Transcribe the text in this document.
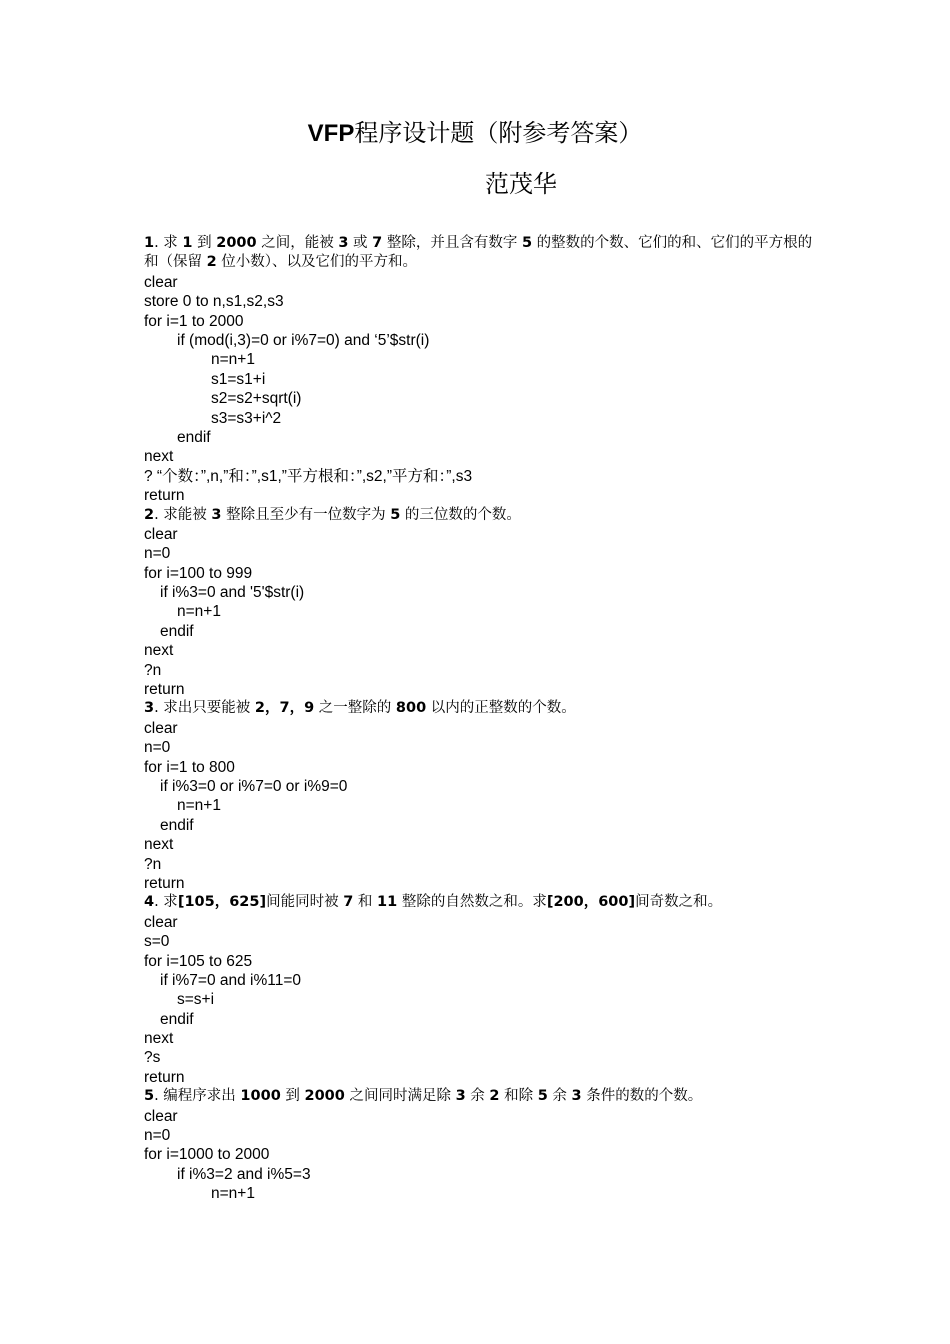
VFP程序设计题（附参考答案）
范茂华
1. 求 1 到 2000 之间，能被 3 或 7 整除，并且含有数字 5 的整数的个数、它们的和、它们的平方根的和（保留 2 位小数）、以及它们的平方和。
clear
store 0 to n,s1,s2,s3
for i=1 to 2000
if (mod(i,3)=0 or i%7=0) and ‘5’$str(i)
n=n+1
s1=s1+i
s2=s2+sqrt(i)
s3=s3+i^2
endif
next
? “个数：”,n,”和：”,s1,”平方根和：”,s2,”平方和：”,s3
return
2. 求能被 3 整除且至少有一位数字为 5 的三位数的个数。
clear
n=0
for i=100 to 999
if i%3=0 and '5'$str(i)
n=n+1
endif
next
?n
return
3. 求出只要能被 2，7，9 之一整除的 800 以内的正整数的个数。
clear
n=0
for i=1 to 800
if i%3=0 or i%7=0 or i%9=0
n=n+1
endif
next
?n
return
4. 求[105，625]间能同时被 7 和 11 整除的自然数之和。求[200，600]间奇数之和。
clear
s=0
for i=105 to 625
if i%7=0 and i%11=0
s=s+i
endif
next
?s
return
5. 编程序求出 1000 到 2000 之间同时满足除 3 余 2 和除 5 余 3 条件的数的个数。
clear
n=0
for i=1000 to 2000
if i%3=2 and i%5=3
n=n+1
